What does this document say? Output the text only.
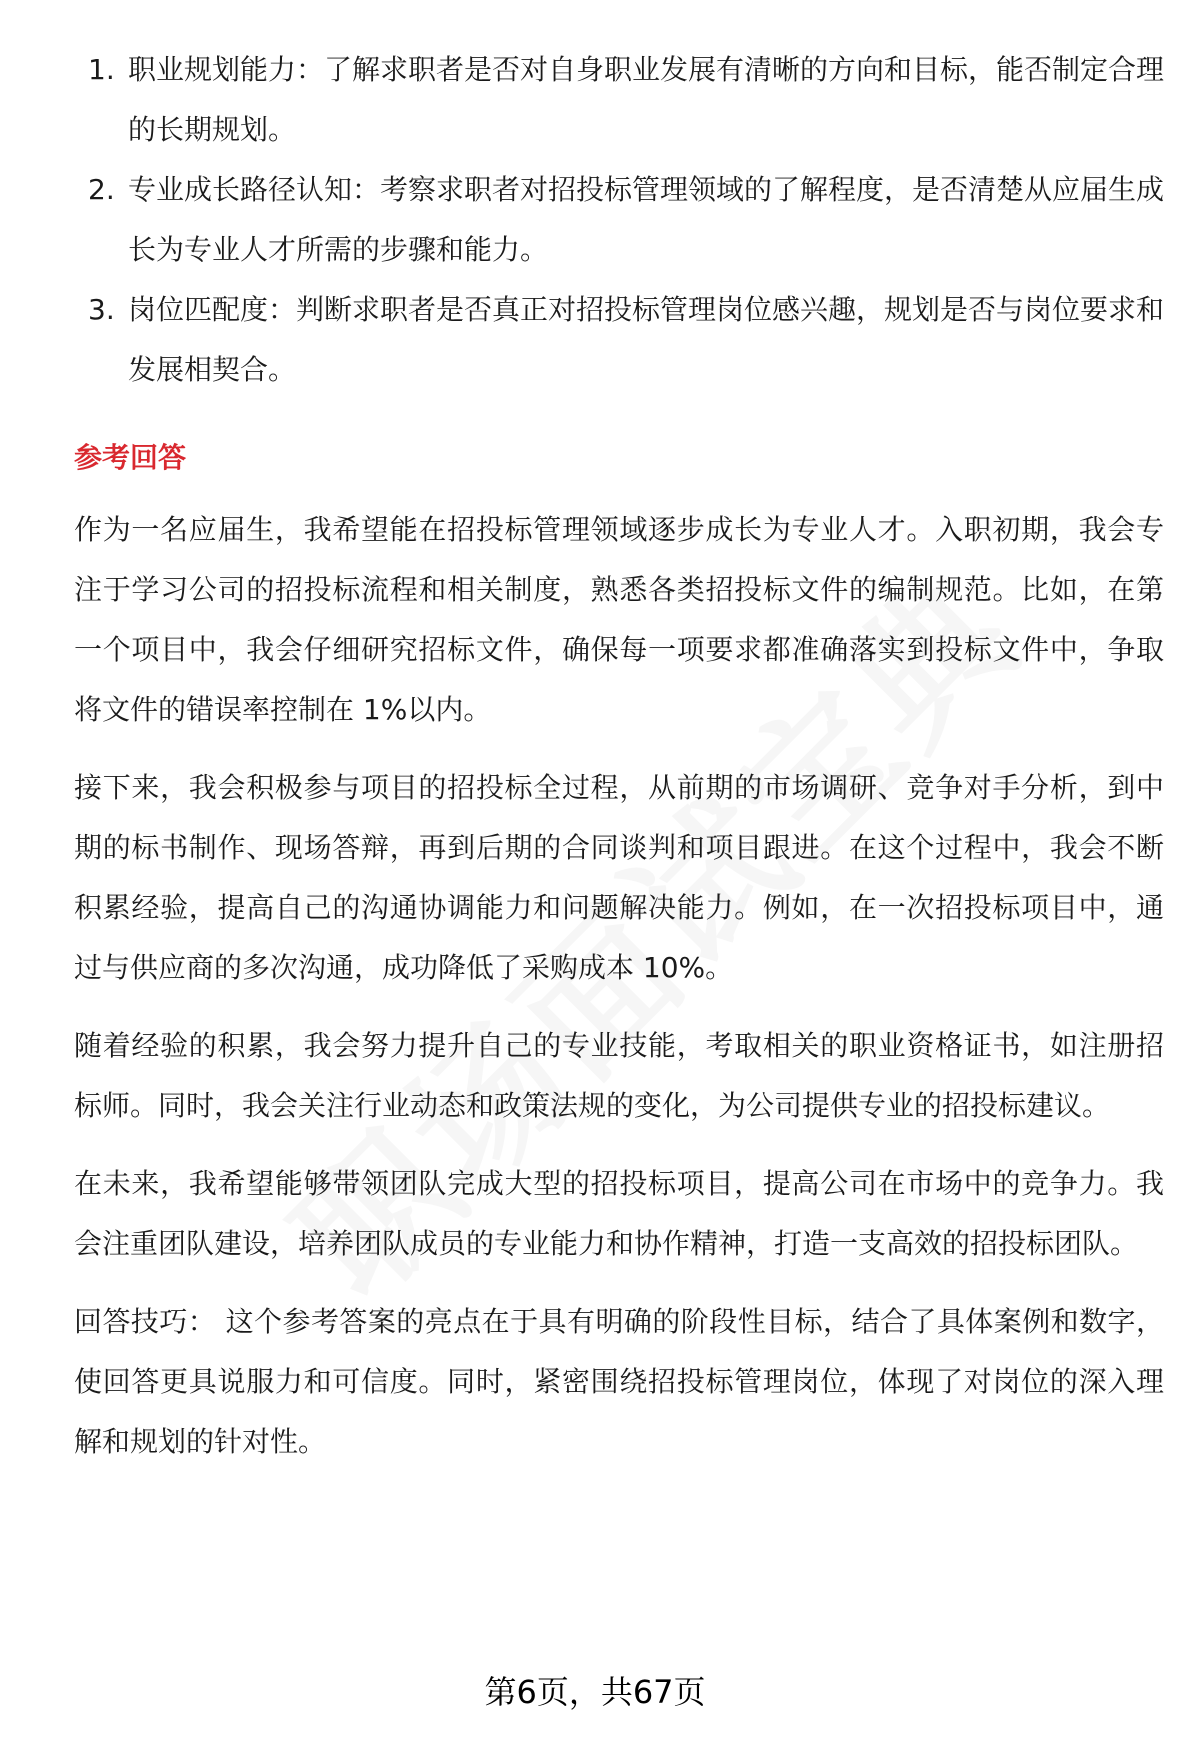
1. 职业规划能力：了解求职者是否对自身职业发展有清晰的方向和目标，能否制定合理的长期规划。
2. 专业成长路径认知：考察求职者对招投标管理领域的了解程度，是否清楚从应届生成长为专业人才所需的步骤和能力。
3. 岗位匹配度：判断求职者是否真正对招投标管理岗位感兴趣，规划是否与岗位要求和发展相契合。
参考回答

作为一名应届生，我希望能在招投标管理领域逐步成长为专业人才。入职初期，我会专注于学习公司的招投标流程和相关制度，熟悉各类招投标文件的编制规范。比如，在第一个项目中，我会仔细研究招标文件，确保每一项要求都准确落实到投标文件中，争取将文件的错误率控制在 1%以内。

接下来，我会积极参与项目的招投标全过程，从前期的市场调研、竞争对手分析，到中期的标书制作、现场答辩，再到后期的合同谈判和项目跟进。在这个过程中，我会不断积累经验，提高自己的沟通协调能力和问题解决能力。例如，在一次招投标项目中，通过与供应商的多次沟通，成功降低了采购成本 10%。

随着经验的积累，我会努力提升自己的专业技能，考取相关的职业资格证书，如注册招标师。同时，我会关注行业动态和政策法规的变化，为公司提供专业的招投标建议。

在未来，我希望能够带领团队完成大型的招投标项目，提高公司在市场中的竞争力。我会注重团队建设，培养团队成员的专业能力和协作精神，打造一支高效的招投标团队。

回答技巧： 这个参考答案的亮点在于具有明确的阶段性目标，结合了具体案例和数字，使回答更具说服力和可信度。同时，紧密围绕招投标管理岗位，体现了对岗位的深入理解和规划的针对性。

第6页，共67页
